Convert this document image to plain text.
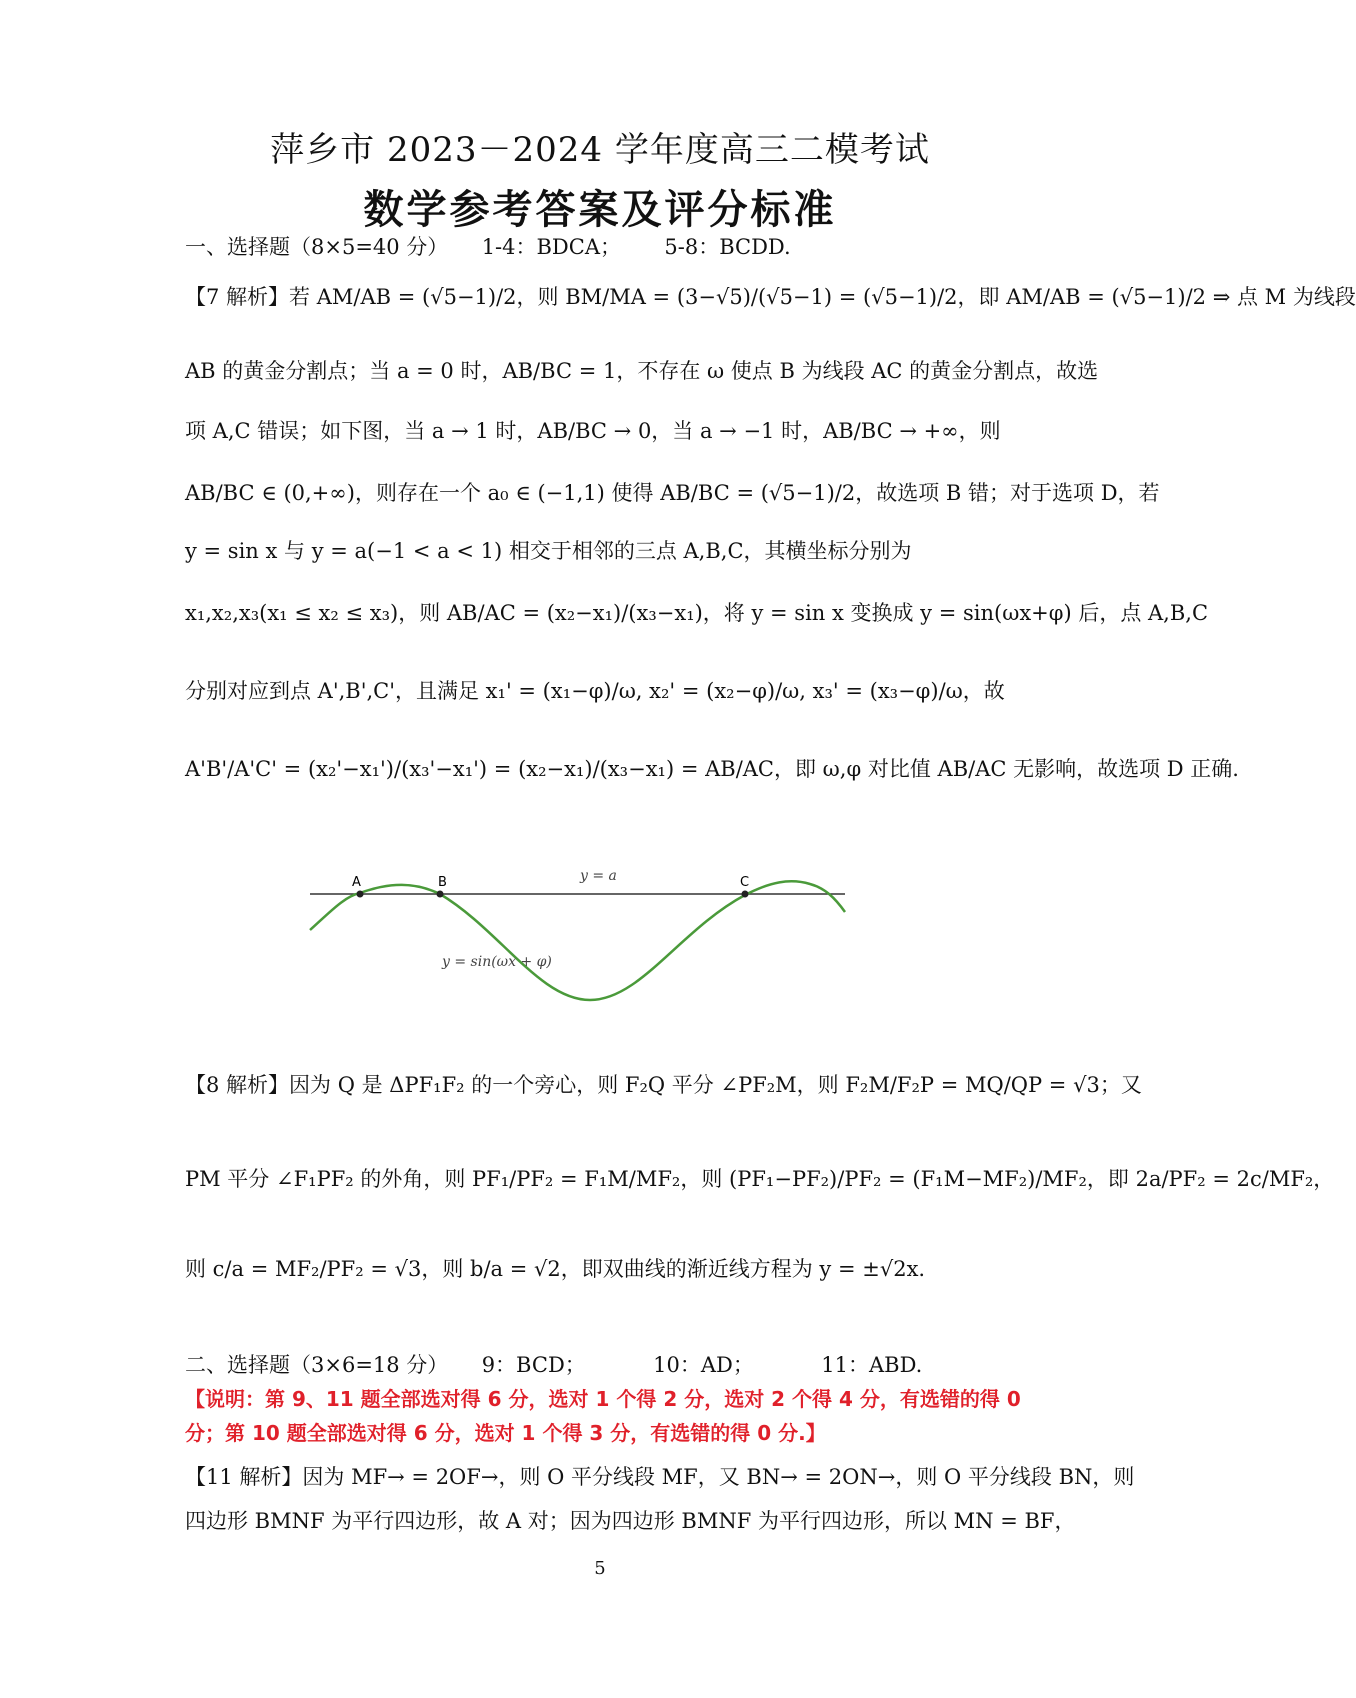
萍乡市 2023－2024 学年度高三二模考试
数学参考答案及评分标准
一、选择题（8×5=40 分） 1-4：BDCA； 5-8：BCDD.
【7 解析】若 AM/AB = (√5−1)/2，则 BM/MA = (3−√5)/(√5−1) = (√5−1)/2，即 AM/AB = (√5−1)/2 ⇒ 点 M 为线段
AB 的黄金分割点；当 a = 0 时，AB/BC = 1，不存在 ω 使点 B 为线段 AC 的黄金分割点，故选
项 A,C 错误；如下图，当 a → 1 时，AB/BC → 0，当 a → −1 时，AB/BC → +∞，则
AB/BC ∈ (0,+∞)，则存在一个 a₀ ∈ (−1,1) 使得 AB/BC = (√5−1)/2，故选项 B 错；对于选项 D，若
y = sin x 与 y = a(−1 < a < 1) 相交于相邻的三点 A,B,C，其横坐标分别为
x₁,x₂,x₃(x₁ ≤ x₂ ≤ x₃)，则 AB/AC = (x₂−x₁)/(x₃−x₁)，将 y = sin x 变换成 y = sin(ωx+φ) 后，点 A,B,C
分别对应到点 A',B',C'，且满足 x₁' = (x₁−φ)/ω, x₂' = (x₂−φ)/ω, x₃' = (x₃−φ)/ω，故
A'B'/A'C' = (x₂'−x₁')/(x₃'−x₁') = (x₂−x₁)/(x₃−x₁) = AB/AC，即 ω,φ 对比值 AB/AC 无影响，故选项 D 正确.
A	B	C
y = a
y = sin(ωx + φ)
【8 解析】因为 Q 是 ΔPF₁F₂ 的一个旁心，则 F₂Q 平分 ∠PF₂M，则 F₂M/F₂P = MQ/QP = √3；又
PM 平分 ∠F₁PF₂ 的外角，则 PF₁/PF₂ = F₁M/MF₂，则 (PF₁−PF₂)/PF₂ = (F₁M−MF₂)/MF₂，即 2a/PF₂ = 2c/MF₂，
则 c/a = MF₂/PF₂ = √3，则 b/a = √2，即双曲线的渐近线方程为 y = ±√2x.
二、选择题（3×6=18 分） 9：BCD；	10：AD；	11：ABD.
【说明：第 9、11 题全部选对得 6 分，选对 1 个得 2 分，选对 2 个得 4 分，有选错的得 0
分；第 10 题全部选对得 6 分，选对 1 个得 3 分，有选错的得 0 分.】
【11 解析】因为 MF→ = 2OF→，则 O 平分线段 MF，又 BN→ = 2ON→，则 O 平分线段 BN，则
四边形 BMNF 为平行四边形，故 A 对；因为四边形 BMNF 为平行四边形，所以 MN = BF，
5
